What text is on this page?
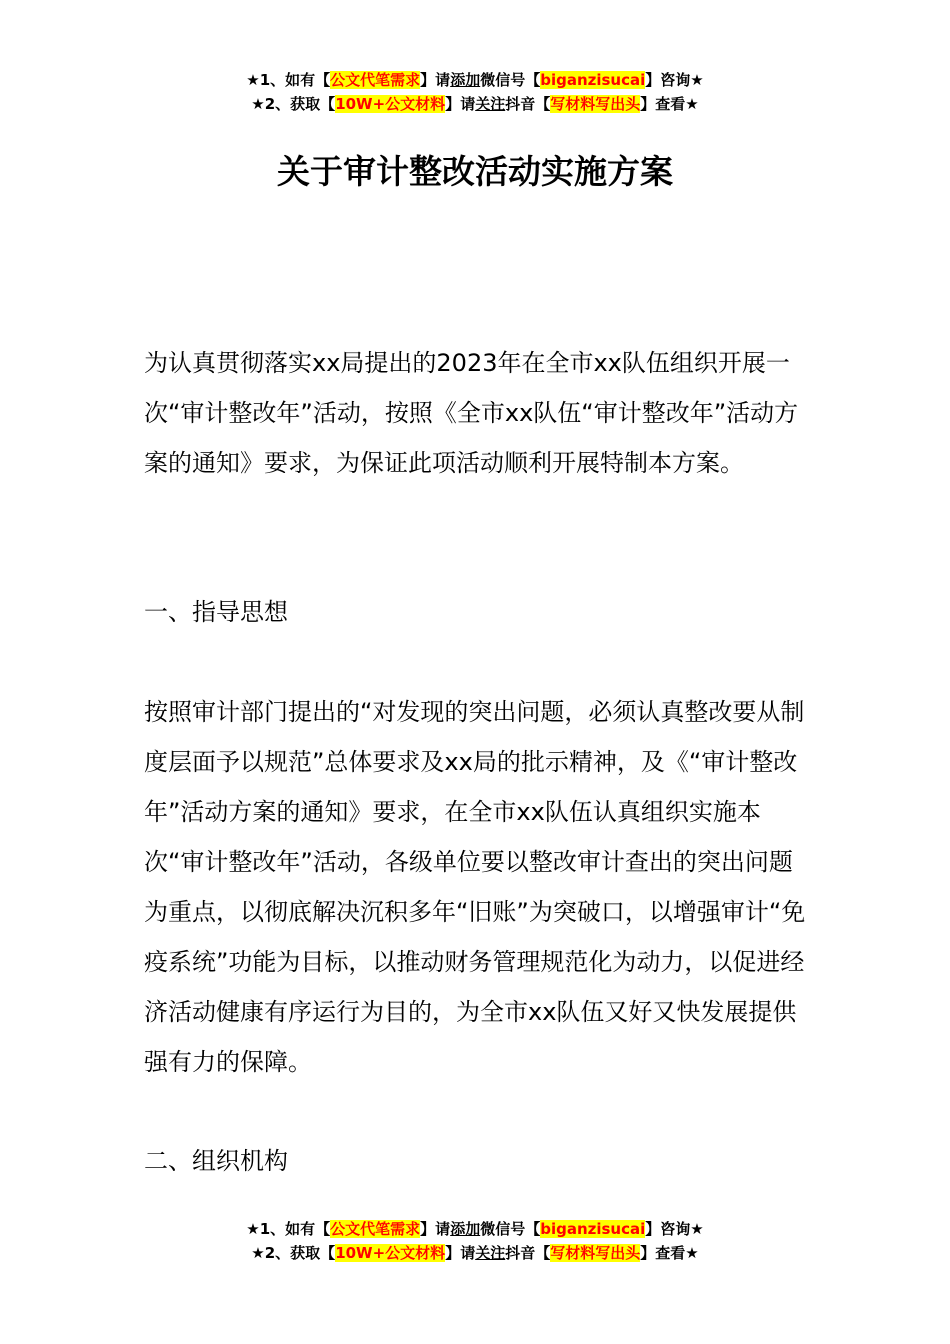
★1、如有【公文代笔需求】请添加微信号【biganzisucai】咨询★
★2、获取【10W+公文材料】请关注抖音【写材料写出头】查看★
关于审计整改活动实施方案

为认真贯彻落实xx局提出的2023年在全市xx队伍组织开展一次“审计整改年”活动，按照《全市xx队伍“审计整改年”活动方案的通知》要求，为保证此项活动顺利开展特制本方案。

一、指导思想

按照审计部门提出的“对发现的突出问题，必须认真整改要从制度层面予以规范”总体要求及xx局的批示精神，及《“审计整改年”活动方案的通知》要求，在全市xx队伍认真组织实施本次“审计整改年”活动，各级单位要以整改审计查出的突出问题为重点，以彻底解决沉积多年“旧账”为突破口，以增强审计“免疫系统”功能为目标，以推动财务管理规范化为动力，以促进经济活动健康有序运行为目的，为全市xx队伍又好又快发展提供强有力的保障。

二、组织机构

★1、如有【公文代笔需求】请添加微信号【biganzisucai】咨询★
★2、获取【10W+公文材料】请关注抖音【写材料写出头】查看★
